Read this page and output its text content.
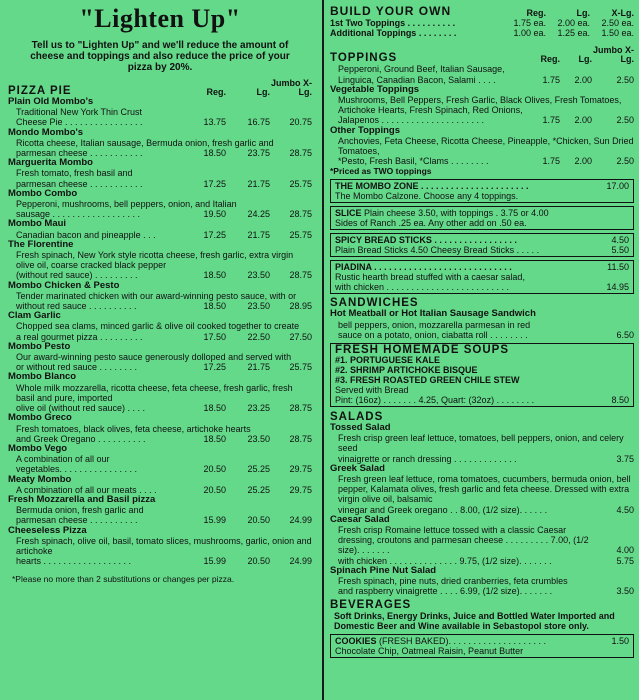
"Lighten Up"
Tell us to "Lighten Up" and we'll reduce the amount of cheese and toppings and also reduce the price of your pizza by 20%.
PIZZA PIE	Reg.	Lg.
Jumbo X-Lg.
Plain Old Mombo's
Traditional New York Thin Crust
Cheese Pie . . . . . . . . . . . . . . . .	13.75	16.75	20.75
Mondo Mombo's
Ricotta cheese, Italian sausage, Bermuda onion, fresh garlic and
parmesan cheese . . . . . . . . . . .	18.50	23.75	28.75
Marguerita Mombo
Fresh tomato, fresh basil and
parmesan cheese . . . . . . . . . . .	17.25	21.75	25.75
Mombo Combo
Pepperoni, mushrooms, bell peppers, onion, and Italian
sausage . . . . . . . . . . . . . . . . . .	19.50	24.25	28.75
Mombo Maui
Canadian bacon and pineapple . . .	17.25	21.75	25.75
The Florentine
Fresh spinach, New York style ricotta cheese, fresh garlic, extra virgin olive oil, coarse cracked black pepper
(without red sauce) . . . . . . . . .	18.50	23.50	28.75
Mombo Chicken & Pesto
Tender marinated chicken with our award-winning pesto sauce, with or
without red sauce . . . . . . . . . .	18.50	23.50	28.95
Clam Garlic
Chopped sea clams, minced garlic & olive oil cooked together to create
a real gourmet pizza . . . . . . . . .	17.50	22.50	27.50
Mombo Pesto
Our award-winning pesto sauce generously dolloped and served with
or without red sauce . . . . . . . .	17.25	21.75	25.75
Mombo Blanco
Whole milk mozzarella, ricotta cheese, feta cheese, fresh garlic, fresh basil and pure, imported
olive oil (without red sauce) . . . .	18.50	23.25	28.75
Mombo Greco
Fresh tomatoes, black olives, feta cheese, artichoke hearts
and Greek Oregano . . . . . . . . . .	18.50	23.50	28.75
Mombo Vego
A combination of all our
vegetables. . . . . . . . . . . . . . . .	20.50	25.25	29.75
Meaty Mombo
A combination of all our meats . . . .	20.50	25.25	29.75
Fresh Mozzarella and Basil pizza
Bermuda onion, fresh garlic and
parmesan cheese . . . . . . . . . .	15.99	20.50	24.99
Cheeseless Pizza
Fresh spinach, olive oil, basil, tomato slices, mushrooms, garlic, onion and artichoke
hearts . . . . . . . . . . . . . . . . . .	15.99	20.50	24.99
*Please no more than 2 substitutions or changes per pizza.
BUILD YOUR OWN	Reg.	Lg.	X-Lg.
1st Two Toppings . . . . . . . . . .	1.75 ea.	2.00 ea.	2.50 ea.
Additional Toppings . . . . . . . .	1.00 ea.	1.25 ea.	1.50 ea.
TOPPINGS	Reg.	Lg.
Jumbo X-Lg.
Pepperoni, Ground Beef, Italian Sausage,
Linguica, Canadian Bacon, Salami . . . .	1.75	2.00	2.50
Vegetable Toppings
Mushrooms, Bell Peppers, Fresh Garlic, Black Olives, Fresh Tomatoes, Artichoke Hearts, Fresh Spinach, Red Onions,
Jalapenos . . . . . . . . . . . . . . . . . . . . .	1.75	2.00	2.50
Other Toppings
Anchovies, Feta Cheese, Ricotta Cheese, Pineapple, *Chicken, Sun Dried Tomatoes,
*Pesto, Fresh Basil, *Clams . . . . . . . .	1.75	2.00	2.50
*Priced as TWO toppings
THE MOMBO ZONE . . . . . . . . . . . . . . . . . . . . . .	17.00
The Mombo Calzone. Choose any 4 toppings.
SLICE Plain cheese 3.50, with toppings . 3.75 or 4.00
Sides of Ranch .25 ea. Any other add on .50 ea.
SPICY BREAD STICKS . . . . . . . . . . . . . . . . .	4.50
Plain Bread Sticks 4.50 Cheesy Bread Sticks . . . . .	5.50
PIADINA . . . . . . . . . . . . . . . . . . . . . . . . . . . .	11.50
Rustic hearth bread stuffed with a caesar salad,
with chicken . . . . . . . . . . . . . . . . . . . . . . . . .	14.95
SANDWICHES
Hot Meatball or Hot Italian Sausage Sandwich
bell peppers, onion, mozzarella parmesan in red
sauce on a potato, onion, ciabatta roll . . . . . . . .	6.50
FRESH HOMEMADE SOUPS
#1. PORTUGUESE KALE
#2. SHRIMP ARTICHOKE BISQUE
#3. FRESH ROASTED GREEN CHILE STEW
Served with Bread
Pint: (16oz) . . . . . . . 4.25, Quart: (32oz) . . . . . . . .	8.50
SALADS
Tossed Salad
Fresh crisp green leaf lettuce, tomatoes, bell peppers, onion, and celery seed
vinaigrette or ranch dressing . . . . . . . . . . . . .	3.75
Greek Salad
Fresh green leaf lettuce, roma tomatoes, cucumbers, bermuda onion, bell pepper, Kalamata olives, fresh garlic and feta cheese. Dressed with extra virgin olive oil, balsamic
vinegar and Greek oregano . . 8.00, (1/2 size). . . . . .	4.50
Caesar Salad
Fresh crisp Romaine lettuce tossed with a classic Caesar dressing, croutons and parmesan cheese . . . . . . . . . 7.00, (1/2 size). . . . . . .	4.00
with chicken . . . . . . . . . . . . . . 9.75, (1/2 size). . . . . . .	5.75
Spinach Pine Nut Salad
Fresh spinach, pine nuts, dried cranberries, feta crumbles
and raspberry vinaigrette . . . . 6.99, (1/2 size). . . . . . .	3.50
BEVERAGES
Soft Drinks, Energy Drinks, Juice and Bottled Water Imported and Domestic Beer and Wine available in Sebastopol store only.
COOKIES (FRESH BAKED). . . . . . . . . . . . . . . . . . . .	1.50
Chocolate Chip, Oatmeal Raisin, Peanut Butter
